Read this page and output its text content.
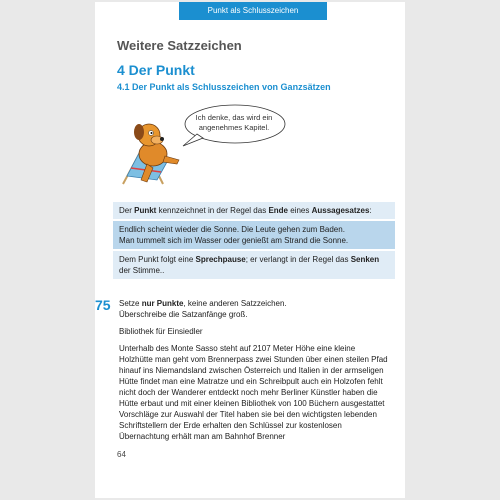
Punkt als Schlusszeichen
Weitere Satzzeichen
4 Der Punkt
4.1 Der Punkt als Schlusszeichen von Ganzsätzen
Ich denke, das wird ein angenehmes Kapitel.
Der Punkt kennzeichnet in der Regel das Ende eines Aussagesatzes:
Endlich scheint wieder die Sonne. Die Leute gehen zum Baden.
Man tummelt sich im Wasser oder genießt am Strand die Sonne.
Dem Punkt folgt eine Sprechpause; er verlangt in der Regel das Senken der Stimme..
75 Setze nur Punkte, keine anderen Satzzeichen.
Überschreibe die Satzanfänge groß.

Bibliothek für Einsiedler

Unterhalb des Monte Sasso steht auf 2107 Meter Höhe eine kleine Holzhütte man geht vom Brennerpass zwei Stunden über einen steilen Pfad hinauf ins Niemandsland zwischen Österreich und Italien in der armseligen Hütte findet man eine Matratze und ein Schreibpult auch ein Holzofen fehlt nicht doch der Wanderer entdeckt noch mehr Berliner Künstler haben die Hütte erbaut und mit einer kleinen Bibliothek von 100 Büchern ausgestattet Vorschläge zur Auswahl der Titel haben sie bei den wichtigsten lebenden Schriftstellern der Erde erhalten den Schlüssel zur kostenlosen Übernachtung erhält man am Bahnhof Brenner

64
